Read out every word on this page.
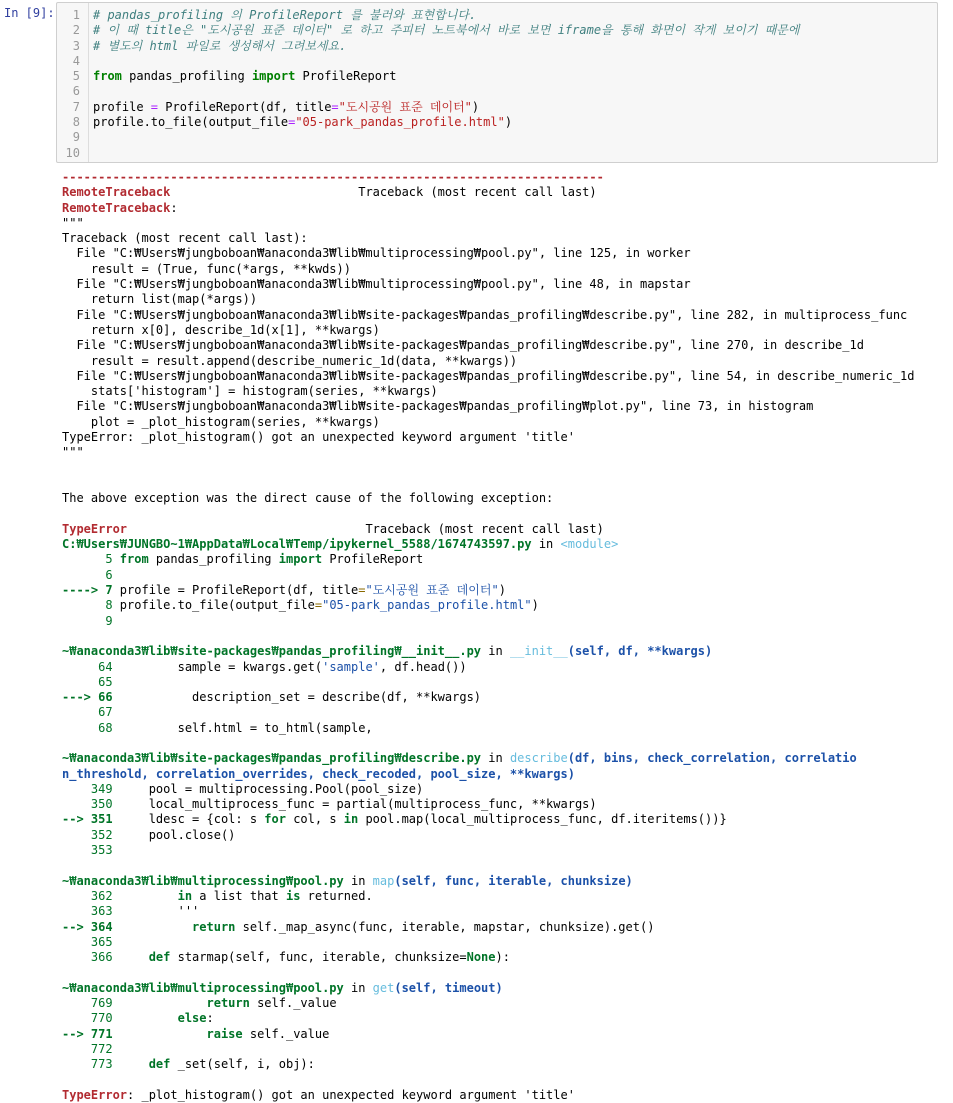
In [9]:	1
2
3
4
5
6
7
8
9
10
# pandas_profiling 의 ProfileReport 를 불러와 표현합니다.
# 이 때 title은 "도시공원 표준 데이터" 로 하고 주피터 노트북에서 바로 보면 iframe을 통해 화면이 작게 보이기 때문에
# 별도의 html 파일로 생성해서 그려보세요.

from pandas_profiling import ProfileReport

profile = ProfileReport(df, title="도시공원 표준 데이터")
profile.to_file(output_file="05-park_pandas_profile.html")

---------------------------------------------------------------------------
RemoteTraceback                          Traceback (most recent call last)
RemoteTraceback:
"""
Traceback (most recent call last):
File "C:₩Users₩jungboboan₩anaconda3₩lib₩multiprocessing₩pool.py", line 125, in worker
result = (True, func(*args, **kwds))
File "C:₩Users₩jungboboan₩anaconda3₩lib₩multiprocessing₩pool.py", line 48, in mapstar
return list(map(*args))
File "C:₩Users₩jungboboan₩anaconda3₩lib₩site-packages₩pandas_profiling₩describe.py", line 282, in multiprocess_func
return x[0], describe_1d(x[1], **kwargs)
File "C:₩Users₩jungboboan₩anaconda3₩lib₩site-packages₩pandas_profiling₩describe.py", line 270, in describe_1d
result = result.append(describe_numeric_1d(data, **kwargs))
File "C:₩Users₩jungboboan₩anaconda3₩lib₩site-packages₩pandas_profiling₩describe.py", line 54, in describe_numeric_1d
stats['histogram'] = histogram(series, **kwargs)
File "C:₩Users₩jungboboan₩anaconda3₩lib₩site-packages₩pandas_profiling₩plot.py", line 73, in histogram
plot = _plot_histogram(series, **kwargs)
TypeError: _plot_histogram() got an unexpected keyword argument 'title'
"""

The above exception was the direct cause of the following exception:

TypeError                                 Traceback (most recent call last)
C:₩Users₩JUNGBO~1₩AppData₩Local₩Temp/ipykernel_5588/1674743597.py in <module>
5 from pandas_profiling import ProfileReport
6
----> 7 profile = ProfileReport(df, title="도시공원 표준 데이터")
8 profile.to_file(output_file="05-park_pandas_profile.html")
9

~₩anaconda3₩lib₩site-packages₩pandas_profiling₩__init__.py in __init__(self, df, **kwargs)
64         sample = kwargs.get('sample', df.head())
65
---> 66           description_set = describe(df, **kwargs)
67
68         self.html = to_html(sample,

~₩anaconda3₩lib₩site-packages₩pandas_profiling₩describe.py in describe(df, bins, check_correlation, correlatio
n_threshold, correlation_overrides, check_recoded, pool_size, **kwargs)
349     pool = multiprocessing.Pool(pool_size)
350     local_multiprocess_func = partial(multiprocess_func, **kwargs)
--> 351     ldesc = {col: s for col, s in pool.map(local_multiprocess_func, df.iteritems())}
352     pool.close()
353

~₩anaconda3₩lib₩multiprocessing₩pool.py in map(self, func, iterable, chunksize)
362         in a list that is returned.
363         '''
--> 364           return self._map_async(func, iterable, mapstar, chunksize).get()
365
366     def starmap(self, func, iterable, chunksize=None):

~₩anaconda3₩lib₩multiprocessing₩pool.py in get(self, timeout)
769             return self._value
770         else:
--> 771             raise self._value
772
773     def _set(self, i, obj):

TypeError: _plot_histogram() got an unexpected keyword argument 'title'
